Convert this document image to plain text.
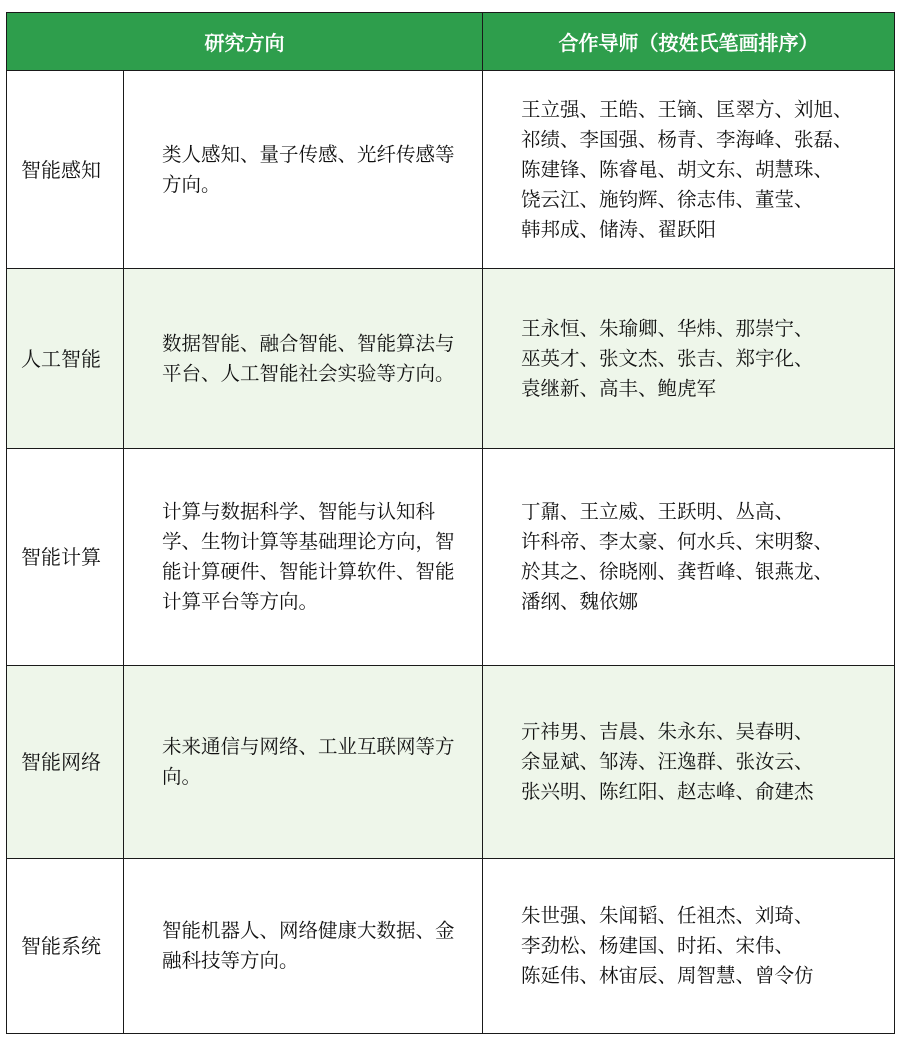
研究方向		合作导师（按姓氏笔画排序）
智能感知	类人感知、量子传感、光纤传感等方向。	王立强、王皓、王镝、匡翠方、刘旭、
祁绩、李国强、杨青、李海峰、张磊、
陈建锋、陈睿黾、胡文东、胡慧珠、
饶云江、施钧辉、徐志伟、董莹、
韩邦成、储涛、翟跃阳

人工智能	数据智能、融合智能、智能算法与平台、人工智能社会实验等方向。	王永恒、朱瑜卿、华炜、那崇宁、
巫英才、张文杰、张吉、郑宇化、
袁继新、高丰、鲍虎军

智能计算	计算与数据科学、智能与认知科学、生物计算等基础理论方向，智能计算硬件、智能计算软件、智能计算平台等方向。	丁鼐、王立威、王跃明、丛高、
许科帝、李太豪、何水兵、宋明黎、
於其之、徐晓刚、龚哲峰、银燕龙、
潘纲、魏依娜

智能网络	未来通信与网络、工业互联网等方向。	亓祎男、吉晨、朱永东、吴春明、
余显斌、邹涛、汪逸群、张汝云、
张兴明、陈红阳、赵志峰、俞建杰

智能系统	智能机器人、网络健康大数据、金融科技等方向。	朱世强、朱闻韬、任祖杰、刘琦、
李劲松、杨建国、时拓、宋伟、
陈延伟、林宙辰、周智慧、曾令仿
